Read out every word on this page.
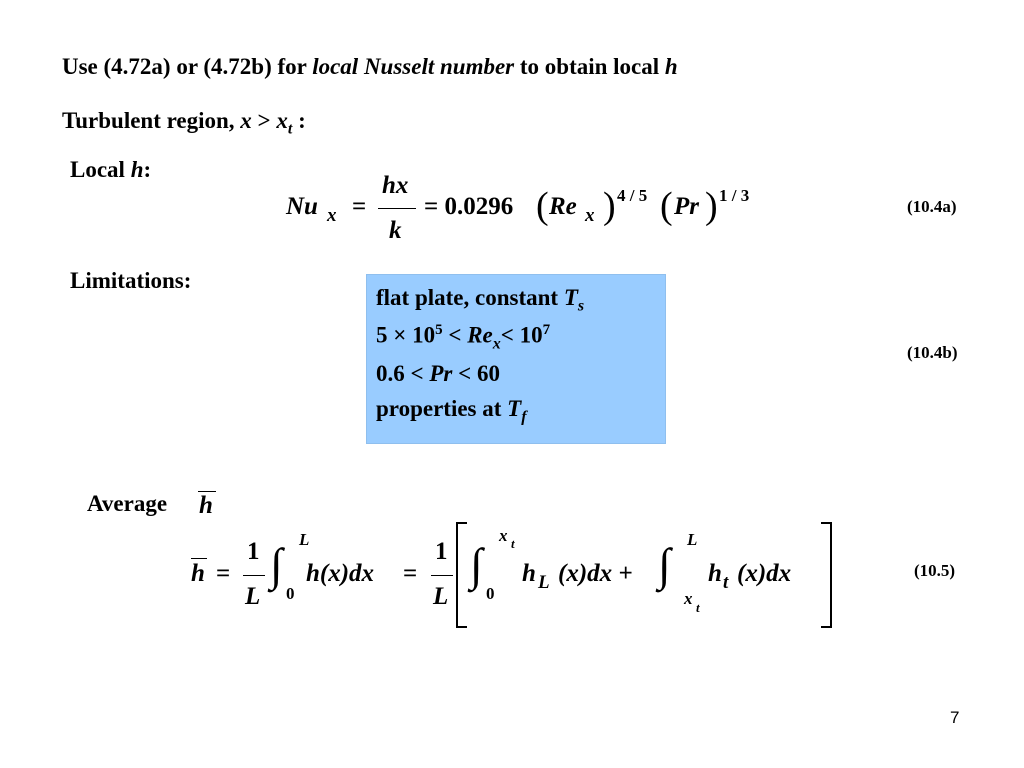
Use (4.72a) or (4.72b) for local Nusselt number to obtain local h
Turbulent region, $x > x_t$ :
Local h:
Nu x =
hx
k
= 0.0296 ( Re x ) 4 / 5 ( Pr ) 1 / 3
(10.4a)
Limitations:
flat plate, constant $T_s$
$5 \times 10^5 < Re_x< 10^7$
0.6 < Pr < 60
properties at $T_f$
(10.4b)
Average h
h =
1
L
∫ L
0
h(x)dx =
1
L
∫
x t
0
h L (x)dx + ∫ L
x t
h t (x)dx	(10.5)
7
